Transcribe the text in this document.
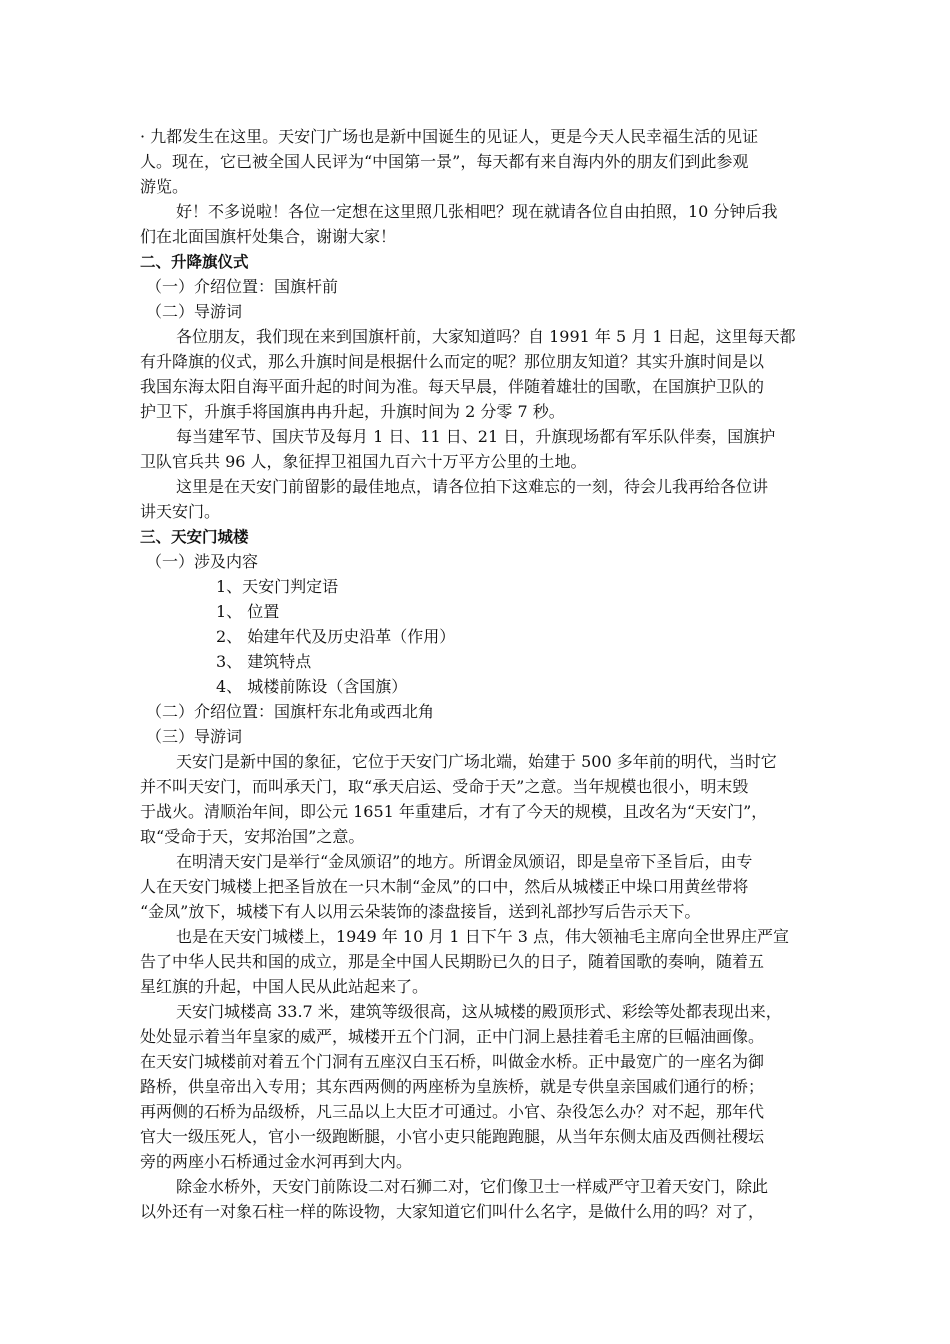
· 九都发生在这里。天安门广场也是新中国诞生的见证人，更是今天人民幸福生活的见证
人。现在，它已被全国人民评为“中国第一景”，每天都有来自海内外的朋友们到此参观
游览。
好！不多说啦！各位一定想在这里照几张相吧？现在就请各位自由拍照，10 分钟后我
们在北面国旗杆处集合，谢谢大家！
二、升降旗仪式
（一）介绍位置：国旗杆前
（二）导游词
各位朋友，我们现在来到国旗杆前，大家知道吗？自 1991 年 5 月 1 日起，这里每天都
有升降旗的仪式，那么升旗时间是根据什么而定的呢？那位朋友知道？其实升旗时间是以
我国东海太阳自海平面升起的时间为准。每天早晨，伴随着雄壮的国歌，在国旗护卫队的
护卫下，升旗手将国旗冉冉升起，升旗时间为 2 分零 7 秒。
每当建军节、国庆节及每月 1 日、11 日、21 日，升旗现场都有军乐队伴奏，国旗护
卫队官兵共 96 人，象征捍卫祖国九百六十万平方公里的土地。
这里是在天安门前留影的最佳地点，请各位拍下这难忘的一刻，待会儿我再给各位讲
讲天安门。
三、天安门城楼
（一）涉及内容
1、天安门判定语
1、 位置
2、 始建年代及历史沿革（作用）
3、 建筑特点
4、 城楼前陈设（含国旗）
（二）介绍位置：国旗杆东北角或西北角
（三）导游词
天安门是新中国的象征，它位于天安门广场北端，始建于 500 多年前的明代，当时它
并不叫天安门，而叫承天门，取“承天启运、受命于天”之意。当年规模也很小，明末毁
于战火。清顺治年间，即公元 1651 年重建后，才有了今天的规模，且改名为“天安门”，
取“受命于天，安邦治国”之意。
在明清天安门是举行“金凤颁诏”的地方。所谓金凤颁诏，即是皇帝下圣旨后，由专
人在天安门城楼上把圣旨放在一只木制“金凤”的口中，然后从城楼正中垛口用黄丝带将
“金凤”放下，城楼下有人以用云朵装饰的漆盘接旨，送到礼部抄写后告示天下。
也是在天安门城楼上，1949 年 10 月 1 日下午 3 点，伟大领袖毛主席向全世界庄严宣
告了中华人民共和国的成立，那是全中国人民期盼已久的日子，随着国歌的奏响，随着五
星红旗的升起，中国人民从此站起来了。
天安门城楼高 33.7 米，建筑等级很高，这从城楼的殿顶形式、彩绘等处都表现出来，
处处显示着当年皇家的威严，城楼开五个门洞，正中门洞上悬挂着毛主席的巨幅油画像。
在天安门城楼前对着五个门洞有五座汉白玉石桥，叫做金水桥。正中最宽广的一座名为御
路桥，供皇帝出入专用；其东西两侧的两座桥为皇族桥，就是专供皇亲国戚们通行的桥；
再两侧的石桥为品级桥，凡三品以上大臣才可通过。小官、杂役怎么办？对不起，那年代
官大一级压死人，官小一级跑断腿，小官小吏只能跑跑腿，从当年东侧太庙及西侧社稷坛
旁的两座小石桥通过金水河再到大内。
除金水桥外，天安门前陈设二对石狮二对，它们像卫士一样威严守卫着天安门，除此
以外还有一对象石柱一样的陈设物，大家知道它们叫什么名字，是做什么用的吗？对了，
